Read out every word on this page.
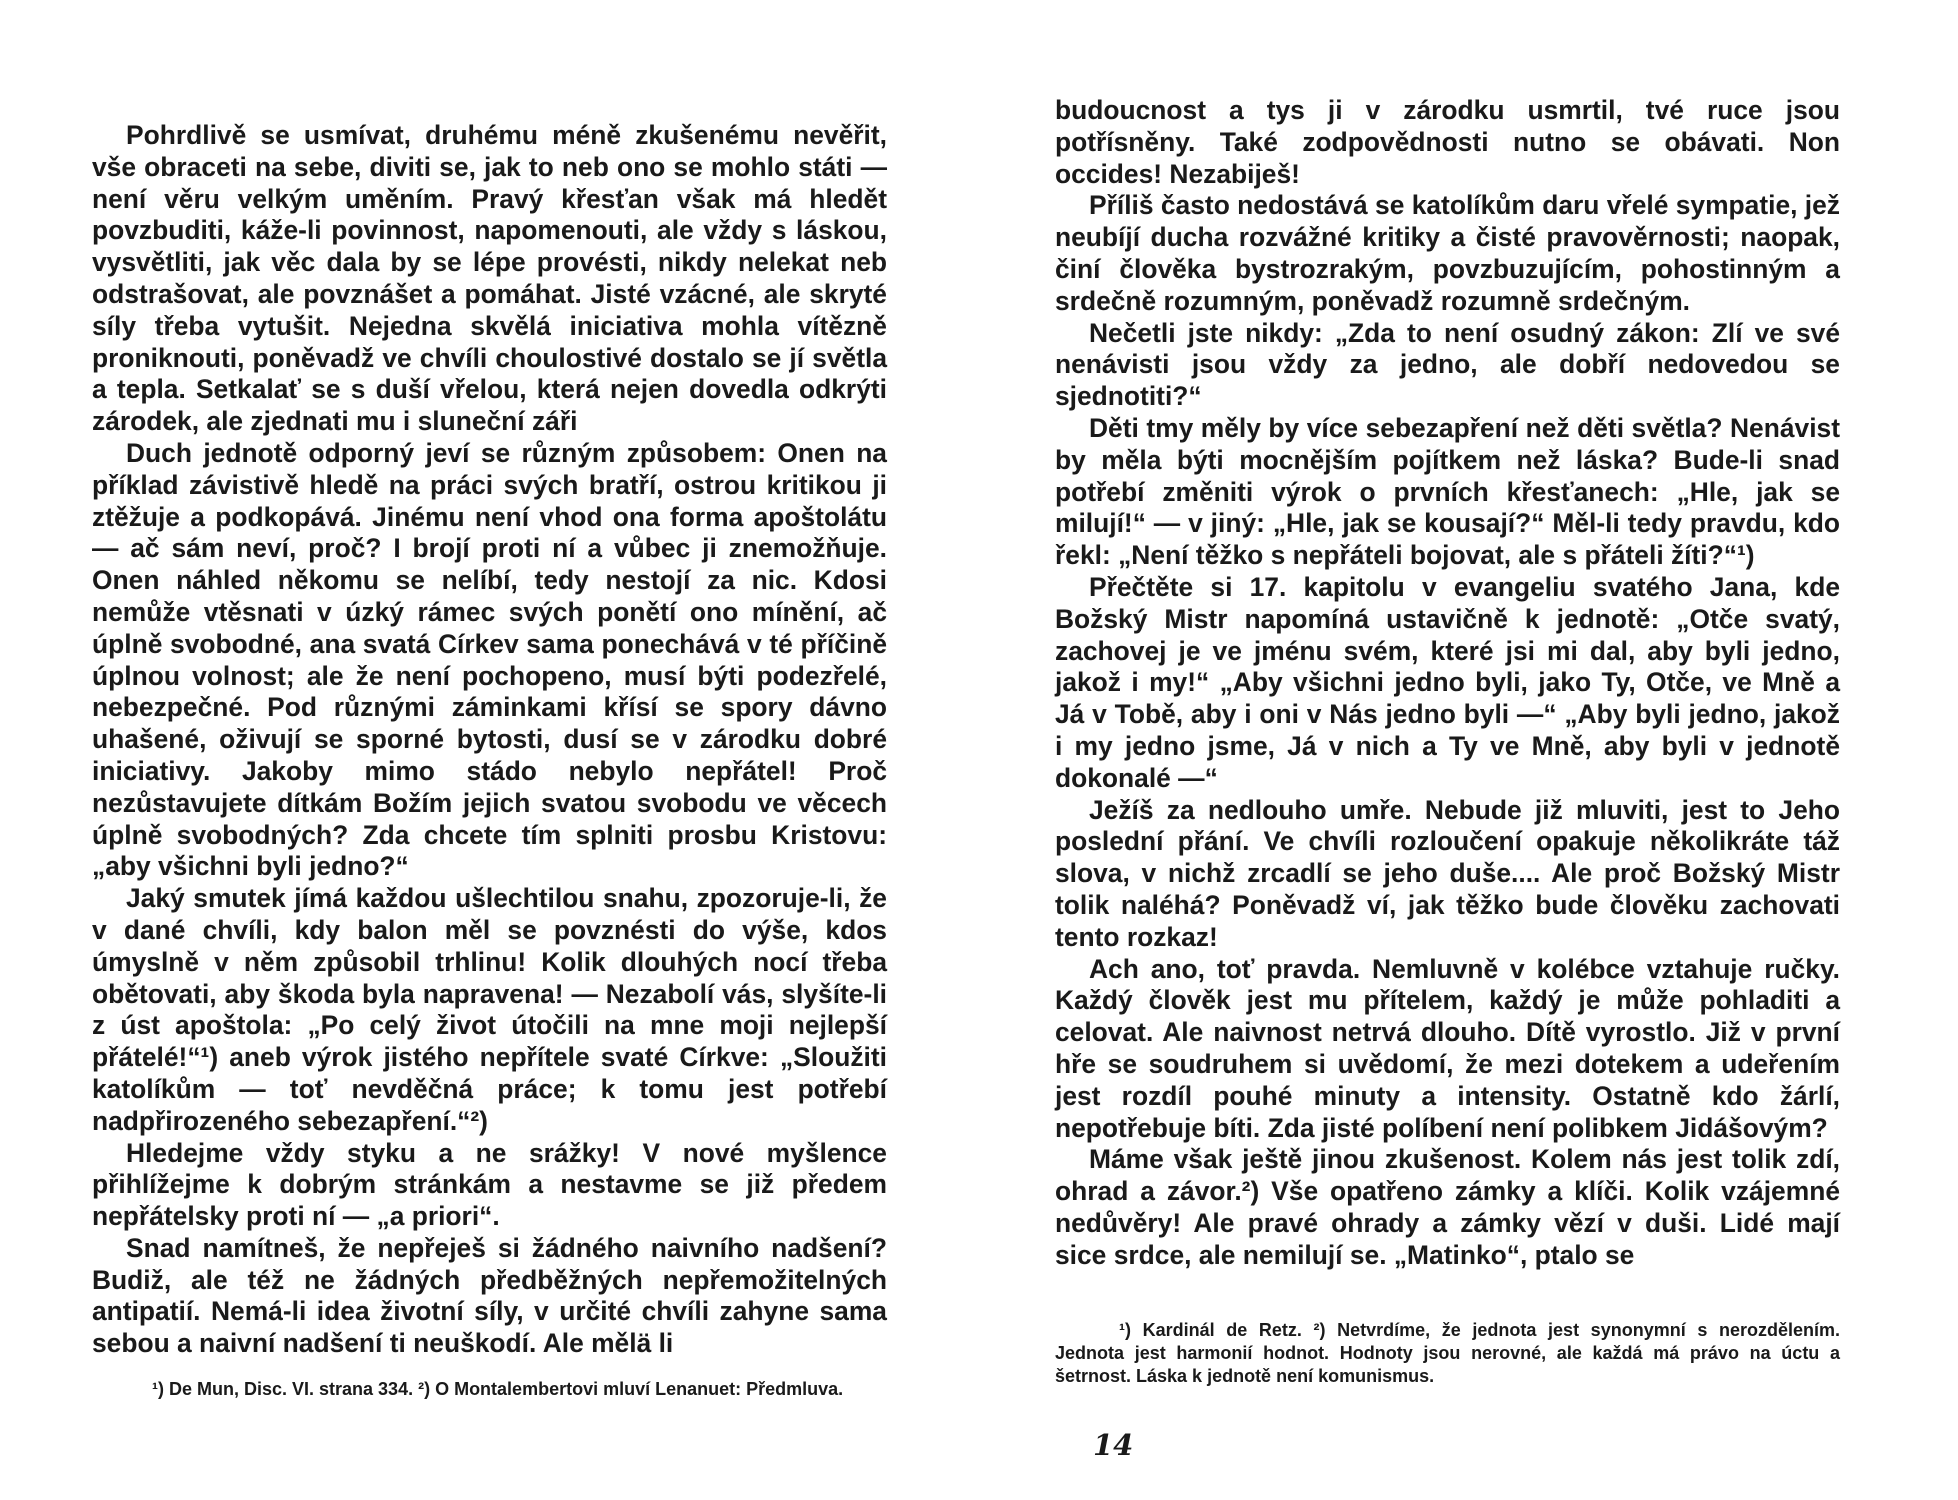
Pohrdlivě se usmívat, druhému méně zkušenému nevěřit, vše obraceti na sebe, diviti se, jak to neb ono se mohlo státi — není věru velkým uměním. Pravý křesťan však má hledět povzbuditi, káže-li povinnost, napomenouti, ale vždy s láskou, vysvětliti, jak věc dala by se lépe provésti, nikdy nelekat neb odstrašovat, ale povznášet a pomáhat. Jisté vzácné, ale skryté síly třeba vytušit. Nejedna skvělá iniciativa mohla vítězně proniknouti, poněvadž ve chvíli choulostivé dostalo se jí světla a tepla. Setkalať se s duší vřelou, která nejen dovedla odkrýti zárodek, ale zjednati mu i sluneční záři

Duch jednotě odporný jeví se různým způsobem: Onen na příklad závistivě hledě na práci svých bratří, ostrou kritikou ji ztěžuje a podkopává. Jinému není vhod ona forma apoštolátu — ač sám neví, proč? I brojí proti ní a vůbec ji znemožňuje. Onen náhled někomu se nelíbí, tedy nestojí za nic. Kdosi nemůže vtěsnati v úzký rámec svých ponětí ono mínění, ač úplně svobodné, ana svatá Církev sama ponechává v té příčině úplnou volnost; ale že není pochopeno, musí býti podezřelé, nebezpečné. Pod různými záminkami křísí se spory dávno uhašené, oživují se sporné bytosti, dusí se v zárodku dobré iniciativy. Jakoby mimo stádo nebylo nepřátel! Proč nezůstavujete dítkám Božím jejich svatou svobodu ve věcech úplně svobodných? Zda chcete tím splniti prosbu Kristovu: „aby všichni byli jedno?“

Jaký smutek jímá každou ušlechtilou snahu, zpozoruje-li, že v dané chvíli, kdy balon měl se povznésti do výše, kdos úmyslně v něm způsobil trhlinu! Kolik dlouhých nocí třeba obětovati, aby škoda byla napravena! — Nezabolí vás, slyšíte-li z úst apoštola: „Po celý život útočili na mne moji nejlepší přátelé!“¹) aneb výrok jistého nepřítele svaté Církve: „Sloužiti katolíkům — toť nevděčná práce; k tomu jest potřebí nadpřirozeného sebezapření.“²)

Hledejme vždy styku a ne srážky! V nové myšlence přihlížejme k dobrým stránkám a nestavme se již předem nepřátelsky proti ní — „a priori“.

Snad namítneš, že nepřeješ si žádného naivního nadšení? Budiž, ale též ne žádných předběžných nepřemožitelných antipatií. Nemá-li idea životní síly, v určité chvíli zahyne sama sebou a naivní nadšení ti neuškodí. Ale mělä li

¹) De Mun, Disc. VI. strana 334. ²) O Montalembertovi mluví Lenanuet: Předmluva.

budoucnost a tys ji v zárodku usmrtil, tvé ruce jsou potřísněny. Také zodpovědnosti nutno se obávati. Non occides! Nezabiješ!

Příliš často nedostává se katolíkům daru vřelé sympatie, jež neubíjí ducha rozvážné kritiky a čisté pravověrnosti; naopak, činí člověka bystrozrakým, povzbuzujícím, pohostinným a srdečně rozumným, poněvadž rozumně srdečným.

Nečetli jste nikdy: „Zda to není osudný zákon: Zlí ve své nenávisti jsou vždy za jedno, ale dobří nedovedou se sjednotiti?“

Děti tmy měly by více sebezapření než děti světla? Nenávist by měla býti mocnějším pojítkem než láska? Bude-li snad potřebí změniti výrok o prvních křesťanech: „Hle, jak se milují!“ — v jiný: „Hle, jak se kousají?“ Měl-li tedy pravdu, kdo řekl: „Není těžko s nepřáteli bojovat, ale s přáteli žíti?“¹)

Přečtěte si 17. kapitolu v evangeliu svatého Jana, kde Božský Mistr napomíná ustavičně k jednotě: „Otče svatý, zachovej je ve jménu svém, které jsi mi dal, aby byli jedno, jakož i my!“ „Aby všichni jedno byli, jako Ty, Otče, ve Mně a Já v Tobě, aby i oni v Nás jedno byli —“ „Aby byli jedno, jakož i my jedno jsme, Já v nich a Ty ve Mně, aby byli v jednotě dokonalé —“

Ježíš za nedlouho umře. Nebude již mluviti, jest to Jeho poslední přání. Ve chvíli rozloučení opakuje několikráte táž slova, v nichž zrcadlí se jeho duše.... Ale proč Božský Mistr tolik naléhá? Poněvadž ví, jak těžko bude člověku zachovati tento rozkaz!

Ach ano, toť pravda. Nemluvně v kolébce vztahuje ručky. Každý člověk jest mu přítelem, každý je může pohladiti a celovat. Ale naivnost netrvá dlouho. Dítě vyrostlo. Již v první hře se soudruhem si uvědomí, že mezi dotekem a udeřením jest rozdíl pouhé minuty a intensity. Ostatně kdo žárlí, nepotřebuje bíti. Zda jisté políbení není polibkem Jidášovým?

Máme však ještě jinou zkušenost. Kolem nás jest tolik zdí, ohrad a závor.²) Vše opatřeno zámky a klíči. Kolik vzájemné nedůvěry! Ale pravé ohrady a zámky vězí v duši. Lidé mají sice srdce, ale nemilují se. „Matinko“, ptalo se

¹) Kardinál de Retz. ²) Netvrdíme, že jednota jest synonymní s nerozdělením. Jednota jest harmonií hodnot. Hodnoty jsou nerovné, ale každá má právo na úctu a šetrnost. Láska k jednotě není komunismus.
14
